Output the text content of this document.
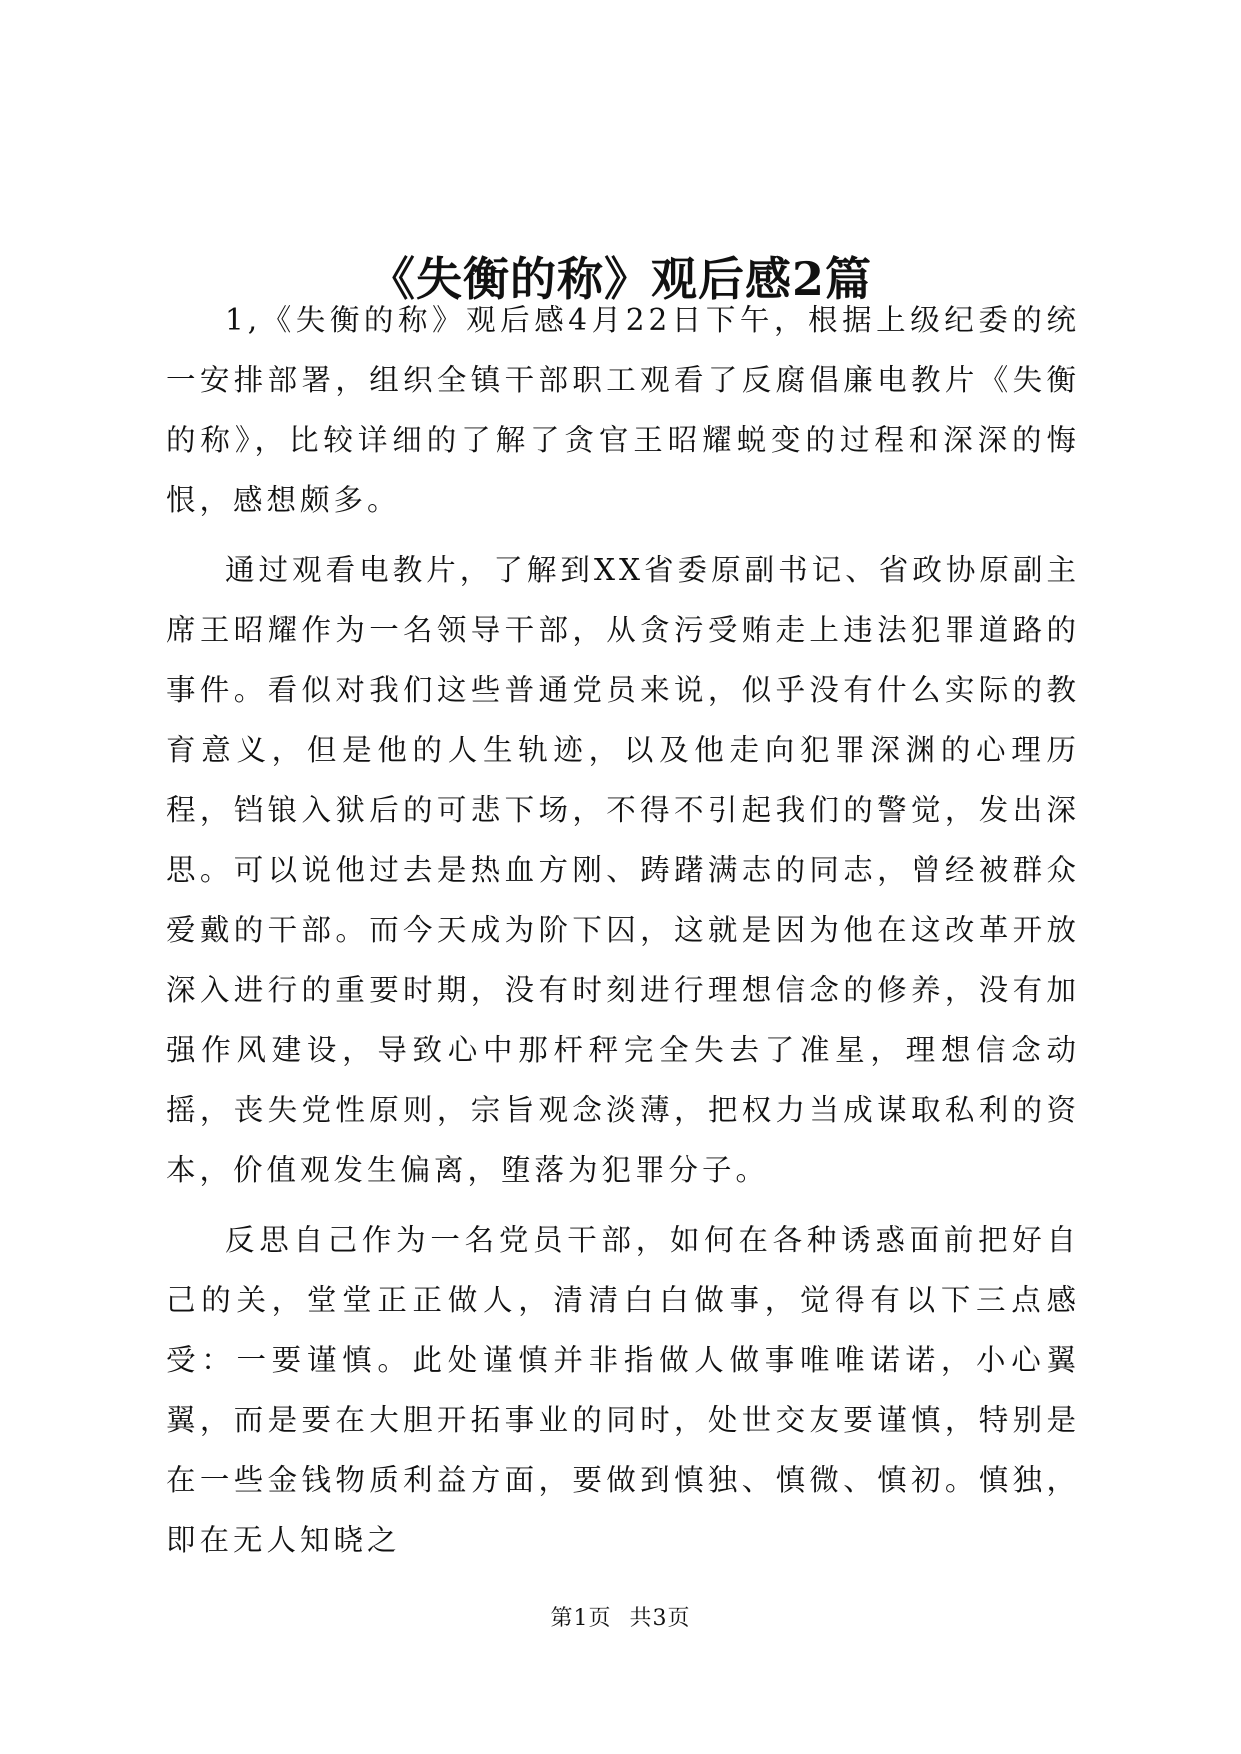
《失衡的称》观后感2篇

1,《失衡的称》观后感4月22日下午，根据上级纪委的统一安排部署，组织全镇干部职工观看了反腐倡廉电教片《失衡的称》，比较详细的了解了贪官王昭耀蜕变的过程和深深的悔恨，感想颇多。

通过观看电教片，了解到XX省委原副书记、省政协原副主席王昭耀作为一名领导干部，从贪污受贿走上违法犯罪道路的事件。看似对我们这些普通党员来说，似乎没有什么实际的教育意义，但是他的人生轨迹，以及他走向犯罪深渊的心理历程，铛锒入狱后的可悲下场，不得不引起我们的警觉，发出深思。可以说他过去是热血方刚、踌躇满志的同志，曾经被群众爱戴的干部。而今天成为阶下囚，这就是因为他在这改革开放深入进行的重要时期，没有时刻进行理想信念的修养，没有加强作风建设，导致心中那杆秤完全失去了准星，理想信念动摇，丧失党性原则，宗旨观念淡薄，把权力当成谋取私利的资本，价值观发生偏离，堕落为犯罪分子。

反思自己作为一名党员干部，如何在各种诱惑面前把好自己的关，堂堂正正做人，清清白白做事，觉得有以下三点感受：一要谨慎。此处谨慎并非指做人做事唯唯诺诺，小心翼翼，而是要在大胆开拓事业的同时，处世交友要谨慎，特别是在一些金钱物质利益方面，要做到慎独、慎微、慎初。慎独，即在无人知晓之

第1页 共3页
